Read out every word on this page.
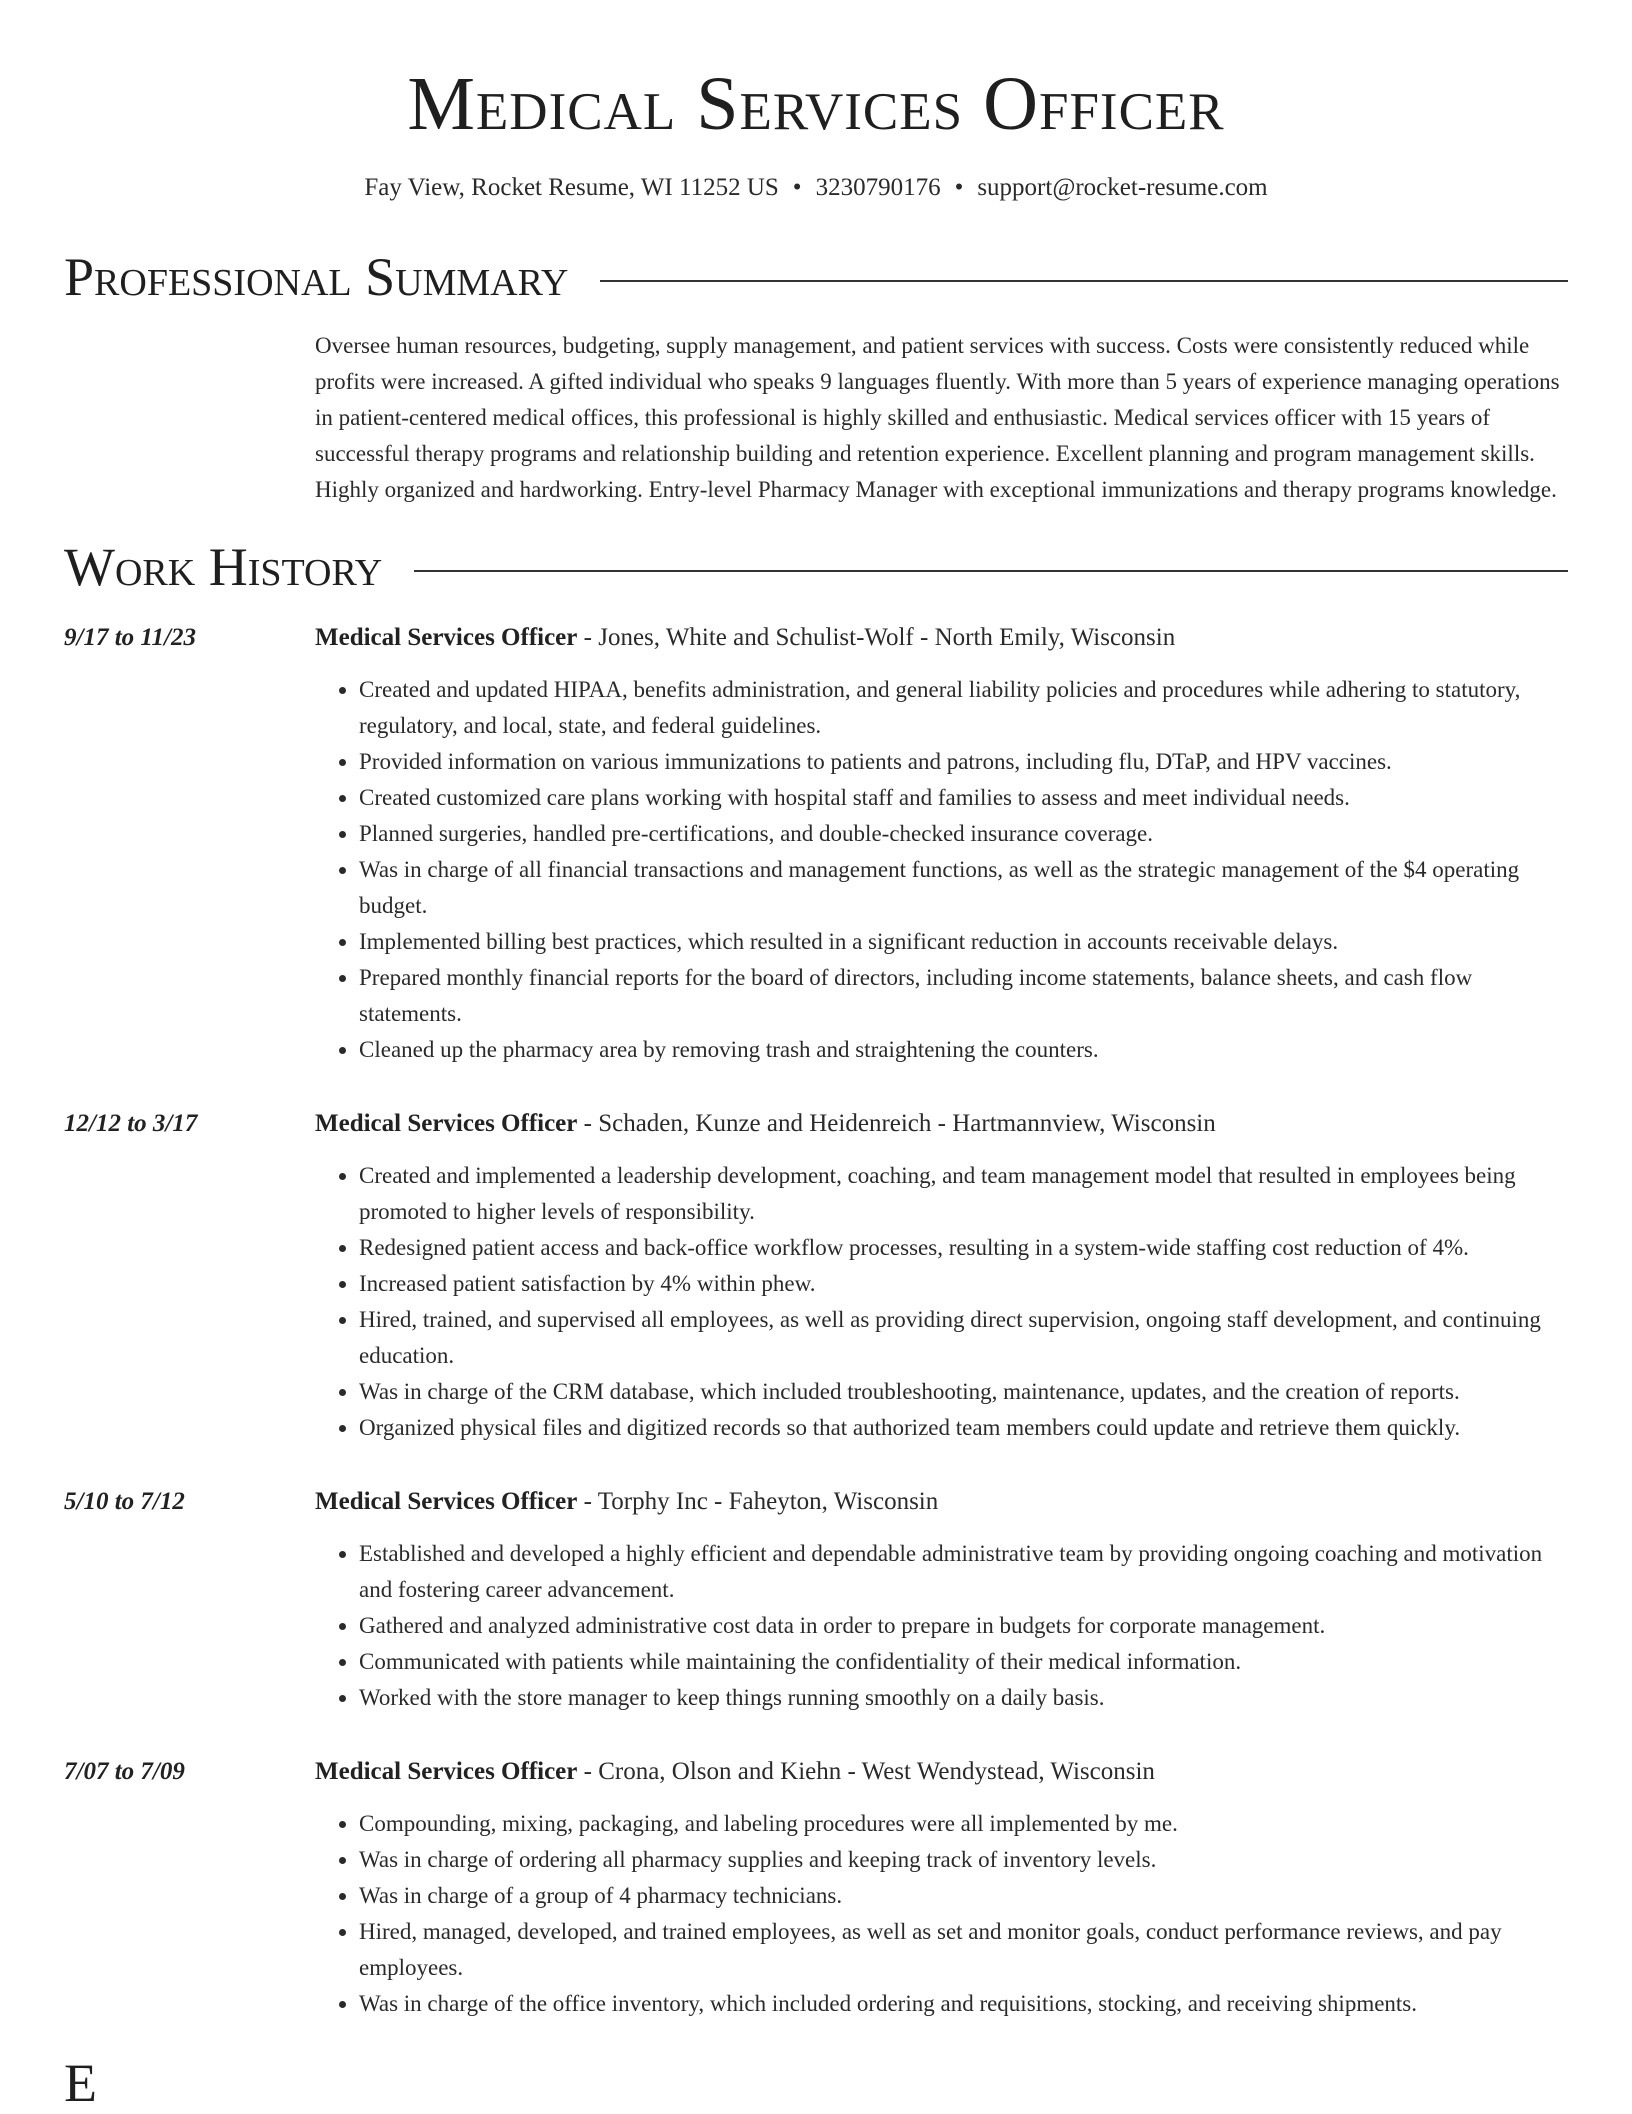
Medical Services Officer
Fay View, Rocket Resume, WI 11252 US • 3230790176 • support@rocket-resume.com
Professional Summary
Oversee human resources, budgeting, supply management, and patient services with success. Costs were consistently reduced while profits were increased. A gifted individual who speaks 9 languages fluently. With more than 5 years of experience managing operations in patient-centered medical offices, this professional is highly skilled and enthusiastic. Medical services officer with 15 years of successful therapy programs and relationship building and retention experience. Excellent planning and program management skills. Highly organized and hardworking. Entry-level Pharmacy Manager with exceptional immunizations and therapy programs knowledge.
Work History
9/17 to 11/23	Medical Services Officer - Jones, White and Schulist-Wolf - North Emily, Wisconsin
• Created and updated HIPAA, benefits administration, and general liability policies and procedures while adhering to statutory, regulatory, and local, state, and federal guidelines.
• Provided information on various immunizations to patients and patrons, including flu, DTaP, and HPV vaccines.
• Created customized care plans working with hospital staff and families to assess and meet individual needs.
• Planned surgeries, handled pre-certifications, and double-checked insurance coverage.
• Was in charge of all financial transactions and management functions, as well as the strategic management of the $4 operating budget.
• Implemented billing best practices, which resulted in a significant reduction in accounts receivable delays.
• Prepared monthly financial reports for the board of directors, including income statements, balance sheets, and cash flow statements.
• Cleaned up the pharmacy area by removing trash and straightening the counters.
12/12 to 3/17	Medical Services Officer - Schaden, Kunze and Heidenreich - Hartmannview, Wisconsin
• Created and implemented a leadership development, coaching, and team management model that resulted in employees being promoted to higher levels of responsibility.
• Redesigned patient access and back-office workflow processes, resulting in a system-wide staffing cost reduction of 4%.
• Increased patient satisfaction by 4% within phew.
• Hired, trained, and supervised all employees, as well as providing direct supervision, ongoing staff development, and continuing education.
• Was in charge of the CRM database, which included troubleshooting, maintenance, updates, and the creation of reports.
• Organized physical files and digitized records so that authorized team members could update and retrieve them quickly.
5/10 to 7/12	Medical Services Officer - Torphy Inc - Faheyton, Wisconsin
• Established and developed a highly efficient and dependable administrative team by providing ongoing coaching and motivation and fostering career advancement.
• Gathered and analyzed administrative cost data in order to prepare in budgets for corporate management.
• Communicated with patients while maintaining the confidentiality of their medical information.
• Worked with the store manager to keep things running smoothly on a daily basis.
7/07 to 7/09	Medical Services Officer - Crona, Olson and Kiehn - West Wendystead, Wisconsin
• Compounding, mixing, packaging, and labeling procedures were all implemented by me.
• Was in charge of ordering all pharmacy supplies and keeping track of inventory levels.
• Was in charge of a group of 4 pharmacy technicians.
• Hired, managed, developed, and trained employees, as well as set and monitor goals, conduct performance reviews, and pay employees.
• Was in charge of the office inventory, which included ordering and requisitions, stocking, and receiving shipments.
E
